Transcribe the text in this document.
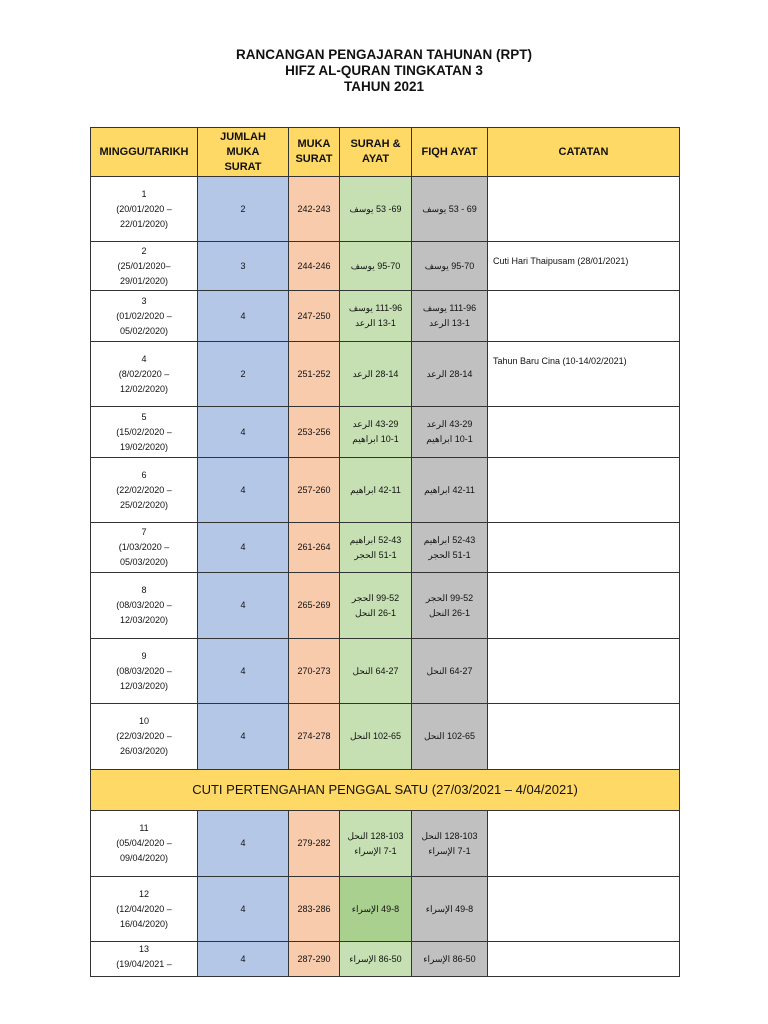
RANCANGAN PENGAJARAN TAHUNAN (RPT)
HIFZ AL-QURAN TINGKATAN 3
TAHUN 2021
MINGGU/TARIKH	JUMLAH
MUKA
SURAT	MUKA
SURAT	SURAH &
AYAT	FIQH AYAT	CATATAN

1
(20/01/2020 –
22/01/2020)	2	242-243	69- 53 يوسف	69 - 53 يوسف	

2
(25/01/2020–
29/01/2020)	3	244-246	95-70 يوسف	95-70 يوسف	Cuti Hari Thaipusam (28/01/2021)

3
(01/02/2020 –
05/02/2020)	4	247-250	111-96 يوسف
13-1 الرعد	111-96 يوسف
13-1 الرعد	

4
(8/02/2020 –
12/02/2020)	2	251-252	28-14 الرعد	28-14 الرعد	Tahun Baru Cina (10-14/02/2021)

5
(15/02/2020 –
19/02/2020)	4	253-256	43-29 الرعد
10-1 ابراهيم	43-29 الرعد
10-1 ابراهيم	

6
(22/02/2020 –
25/02/2020)	4	257-260	42-11 ابراهيم	42-11 ابراهيم	

7
(1/03/2020 –
05/03/2020)	4	261-264	52-43 ابراهيم
51-1 الحجر	52-43 ابراهيم
51-1 الحجر	

8
(08/03/2020 –
12/03/2020)	4	265-269	99-52 الحجر
26-1 النحل	99-52 الحجر
26-1 النحل	

9
(08/03/2020 –
12/03/2020)	4	270-273	64-27 النحل	64-27 النحل	

10
(22/03/2020 –
26/03/2020)	4	274-278	102-65 النحل	102-65 النحل	

CUTI PERTENGAHAN PENGGAL SATU (27/03/2021 – 4/04/2021)					

11
(05/04/2020 –
09/04/2020)	4	279-282	128-103 النحل
7-1 الإسراء	128-103 النحل
7-1 الإسراء	

12
(12/04/2020 –
16/04/2020)	4	283-286	49-8 الإسراء	49-8 الإسراء	

13
(19/04/2021 –	4	287-290	86-50 الإسراء	86-50 الإسراء	
